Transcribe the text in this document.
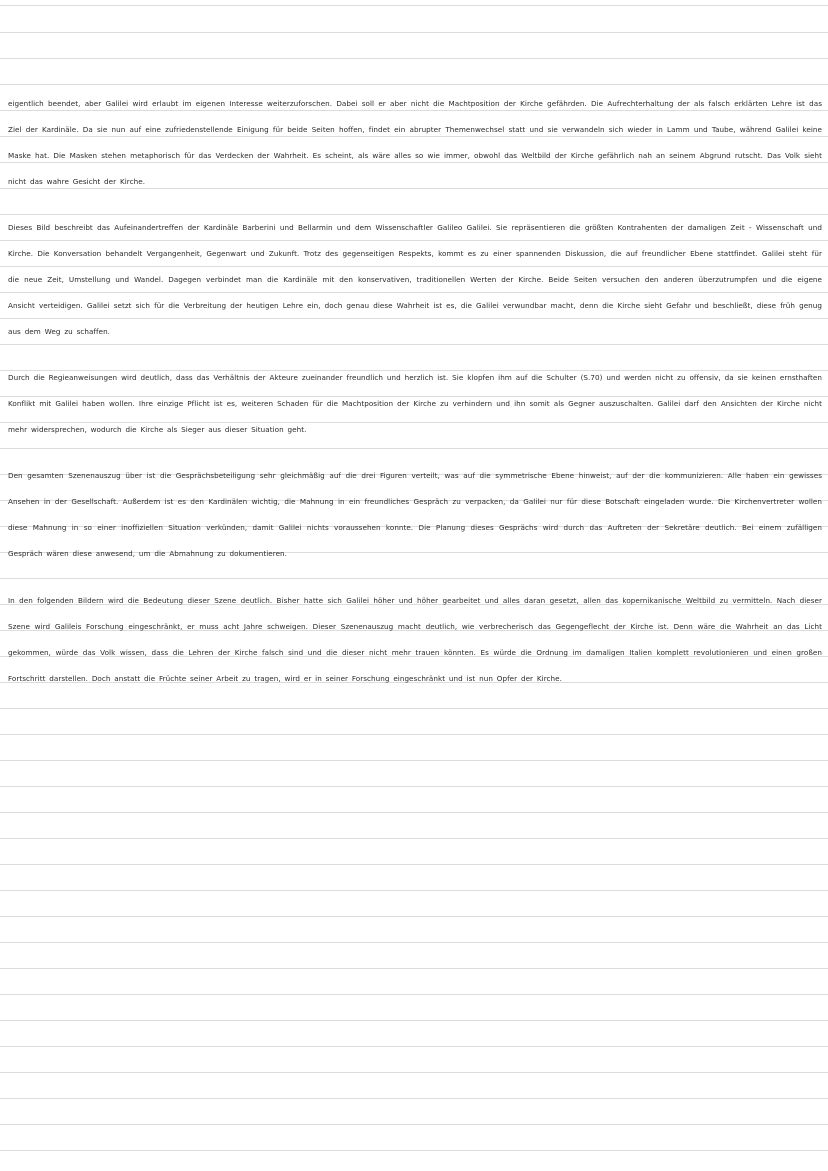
eigentlich beendet, aber Galilei wird erlaubt im eigenen Interesse weiterzuforschen. Dabei soll er aber nicht die Machtposition der Kirche gefährden. Die Aufrechterhaltung der als falsch erklärten Lehre ist das Ziel der Kardinäle. Da sie nun auf eine zufriedenstellende Einigung für beide Seiten hoffen, findet ein abrupter Themenwechsel statt und sie verwandeln sich wieder in Lamm und Taube, während Galilei keine Maske hat. Die Masken stehen metaphorisch für das Verdecken der Wahrheit. Es scheint, als wäre alles so wie immer, obwohl das Weltbild der Kirche gefährlich nah an seinem Abgrund rutscht. Das Volk sieht nicht das wahre Gesicht der Kirche.
Dieses Bild beschreibt das Aufeinandertreffen der Kardinäle Barberini und Bellarmin und dem Wissenschaftler Galileo Galilei. Sie repräsentieren die größten Kontrahenten der damaligen Zeit - Wissenschaft und Kirche. Die Konversation behandelt Vergangenheit, Gegenwart und Zukunft. Trotz des gegenseitigen Respekts, kommt es zu einer spannenden Diskussion, die auf freundlicher Ebene stattfindet. Galilei steht für die neue Zeit, Umstellung und Wandel. Dagegen verbindet man die Kardinäle mit den konservativen, traditionellen Werten der Kirche. Beide Seiten versuchen den anderen überzutrumpfen und die eigene Ansicht verteidigen. Galilei setzt sich für die Verbreitung der heutigen Lehre ein, doch genau diese Wahrheit ist es, die Galilei verwundbar macht, denn die Kirche sieht Gefahr und beschließt, diese früh genug aus dem Weg zu schaffen.
Durch die Regieanweisungen wird deutlich, dass das Verhältnis der Akteure zueinander freundlich und herzlich ist. Sie klopfen ihm auf die Schulter (S.70) und werden nicht zu offensiv, da sie keinen ernsthaften Konflikt mit Galilei haben wollen. Ihre einzige Pflicht ist es, weiteren Schaden für die Machtposition der Kirche zu verhindern und ihn somit als Gegner auszuschalten. Galilei darf den Ansichten der Kirche nicht mehr widersprechen, wodurch die Kirche als Sieger aus dieser Situation geht.
Den gesamten Szenenauszug über ist die Gesprächsbeteiligung sehr gleichmäßig auf die drei Figuren verteilt, was auf die symmetrische Ebene hinweist, auf der die kommunizieren. Alle haben ein gewisses Ansehen in der Gesellschaft. Außerdem ist es den Kardinälen wichtig, die Mahnung in ein freundliches Gespräch zu verpacken, da Galilei nur für diese Botschaft eingeladen wurde. Die Kirchenvertreter wollen diese Mahnung in so einer inoffiziellen Situation verkünden, damit Galilei nichts voraussehen konnte. Die Planung dieses Gesprächs wird durch das Auftreten der Sekretäre deutlich. Bei einem zufälligen Gespräch wären diese anwesend, um die Abmahnung zu dokumentieren.
In den folgenden Bildern wird die Bedeutung dieser Szene deutlich. Bisher hatte sich Galilei höher und höher gearbeitet und alles daran gesetzt, allen das kopernikanische Weltbild zu vermitteln. Nach dieser Szene wird Galileis Forschung eingeschränkt, er muss acht Jahre schweigen. Dieser Szenenauszug macht deutlich, wie verbrecherisch das Gegengeflecht der Kirche ist. Denn wäre die Wahrheit an das Licht gekommen, würde das Volk wissen, dass die Lehren der Kirche falsch sind und die dieser nicht mehr trauen könnten. Es würde die Ordnung im damaligen Italien komplett revolutionieren und einen großen Fortschritt darstellen. Doch anstatt die Früchte seiner Arbeit zu tragen, wird er in seiner Forschung eingeschränkt und ist nun Opfer der Kirche.
